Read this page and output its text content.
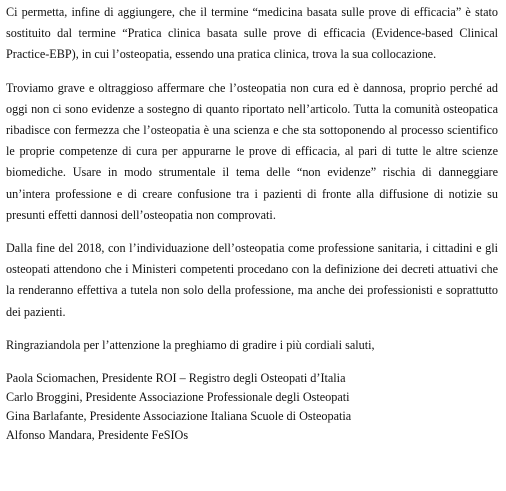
Ci permetta, infine di aggiungere, che il termine “medicina basata sulle prove di efficacia” è stato sostituito dal termine “Pratica clinica basata sulle prove di efficacia (Evidence-based Clinical Practice-EBP), in cui l’osteopatia, essendo una pratica clinica, trova la sua collocazione.

Troviamo grave e oltraggioso affermare che l’osteopatia non cura ed è dannosa, proprio perché ad oggi non ci sono evidenze a sostegno di quanto riportato nell’articolo. Tutta la comunità osteopatica ribadisce con fermezza che l’osteopatia è una scienza e che sta sottoponendo al processo scientifico le proprie competenze di cura per appurarne le prove di efficacia, al pari di tutte le altre scienze biomediche. Usare in modo strumentale il tema delle “non evidenze” rischia di danneggiare un’intera professione e di creare confusione tra i pazienti di fronte alla diffusione di notizie su presunti effetti dannosi dell’osteopatia non comprovati.

Dalla fine del 2018, con l’individuazione dell’osteopatia come professione sanitaria, i cittadini e gli osteopati attendono che i Ministeri competenti procedano con la definizione dei decreti attuativi che la renderanno effettiva a tutela non solo della professione, ma anche dei professionisti e soprattutto dei pazienti.

Ringraziandola per l’attenzione la preghiamo di gradire i più cordiali saluti,

Paola Sciomachen, Presidente ROI – Registro degli Osteopati d’Italia
Carlo Broggini, Presidente Associazione Professionale degli Osteopati
Gina Barlafante, Presidente Associazione Italiana Scuole di Osteopatia
Alfonso Mandara, Presidente FeSIOs
